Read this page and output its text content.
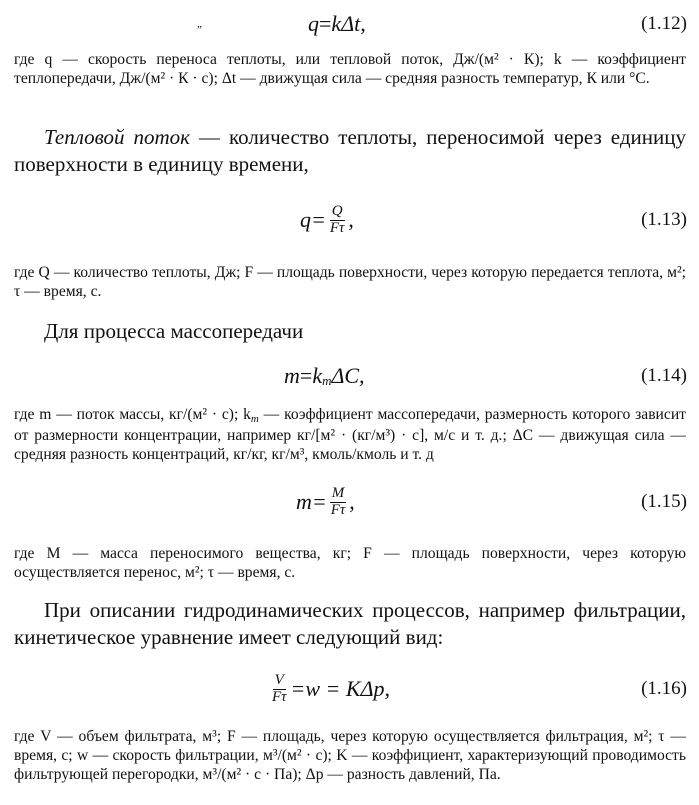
„	q = k Δt,	(1.12)
где q — скорость переноса теплоты, или тепловой поток, Дж/(м² · К); k — коэффициент теплопередачи, Дж/(м² · К · с); Δt — движущая сила — средняя разность температур, К или °С.
Тепловой поток — количество теплоты, переносимой через единицу поверхности в единицу времени,
$q= \frac{Q}{F\tau}$ ,	(1.13)
где Q — количество теплоты, Дж; F — площадь поверхности, через которую передается теплота, м²; τ — время, с.
Для процесса массопередачи
m = k m ΔC,	(1.14)
где m — поток массы, кг/(м² · с); km — коэффициент массопередачи, размерность которого зависит от размерности концентрации, например кг/[м² · (кг/м³) · с], м/с и т. д.; ΔС — движущая сила — средняя разность концентраций, кг/кг, кг/м³, кмоль/кмоль и т. д
$m= \frac{M}{F\tau}$ ,	(1.15)
где М — масса переносимого вещества, кг; F — площадь поверхности, через которую осуществляется перенос, м²; τ — время, с.
При описании гидродинамических процессов, например фильтрации, кинетическое уравнение имеет следующий вид:
$\frac{V}{F\tau} =w = K\Delta p$,	(1.16)
где V — объем фильтрата, м³; F — площадь, через которую осуществляется фильтрация, м²; τ — время, с; w — скорость фильтрации, м³/(м² · с); K — коэффициент, характеризующий проводимость фильтрующей перегородки, м³/(м² · с · Па); Δp — разность давлений, Па.
